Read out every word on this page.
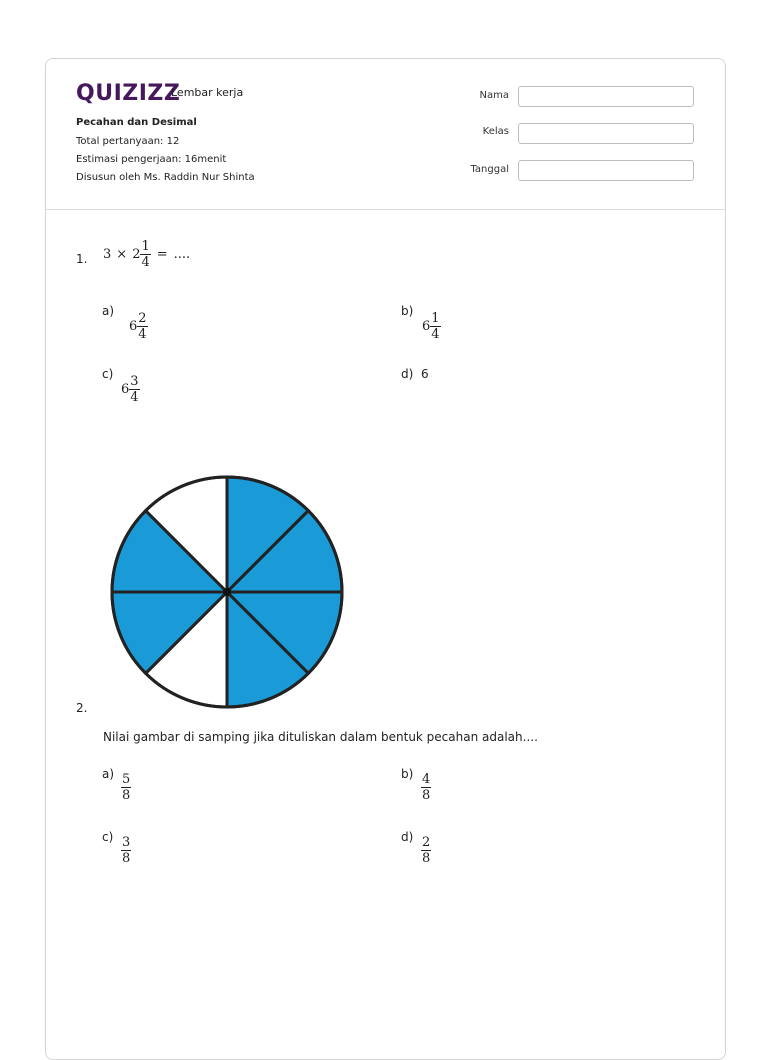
QUIZIZZ
Lembar kerja
Pecahan dan Desimal
Total pertanyaan: 12
Estimasi pengerjaan: 16menit
Disusun oleh Ms. Raddin Nur Shinta
Nama
Kelas
Tanggal
1. $3 \times 2 \frac{1}{4}$ = ....
a)
$6 \frac{2}{4}$
b)
$6 \frac{1}{4}$
c)
$6 \frac{3}{4}$
d) 6
2.
Nilai gambar di samping jika dituliskan dalam bentuk pecahan adalah....
$a) \frac{5}{8}$	$b) \frac{4}{8}$
$c) \frac{3}{8}$	$d) \frac{2}{8}$
